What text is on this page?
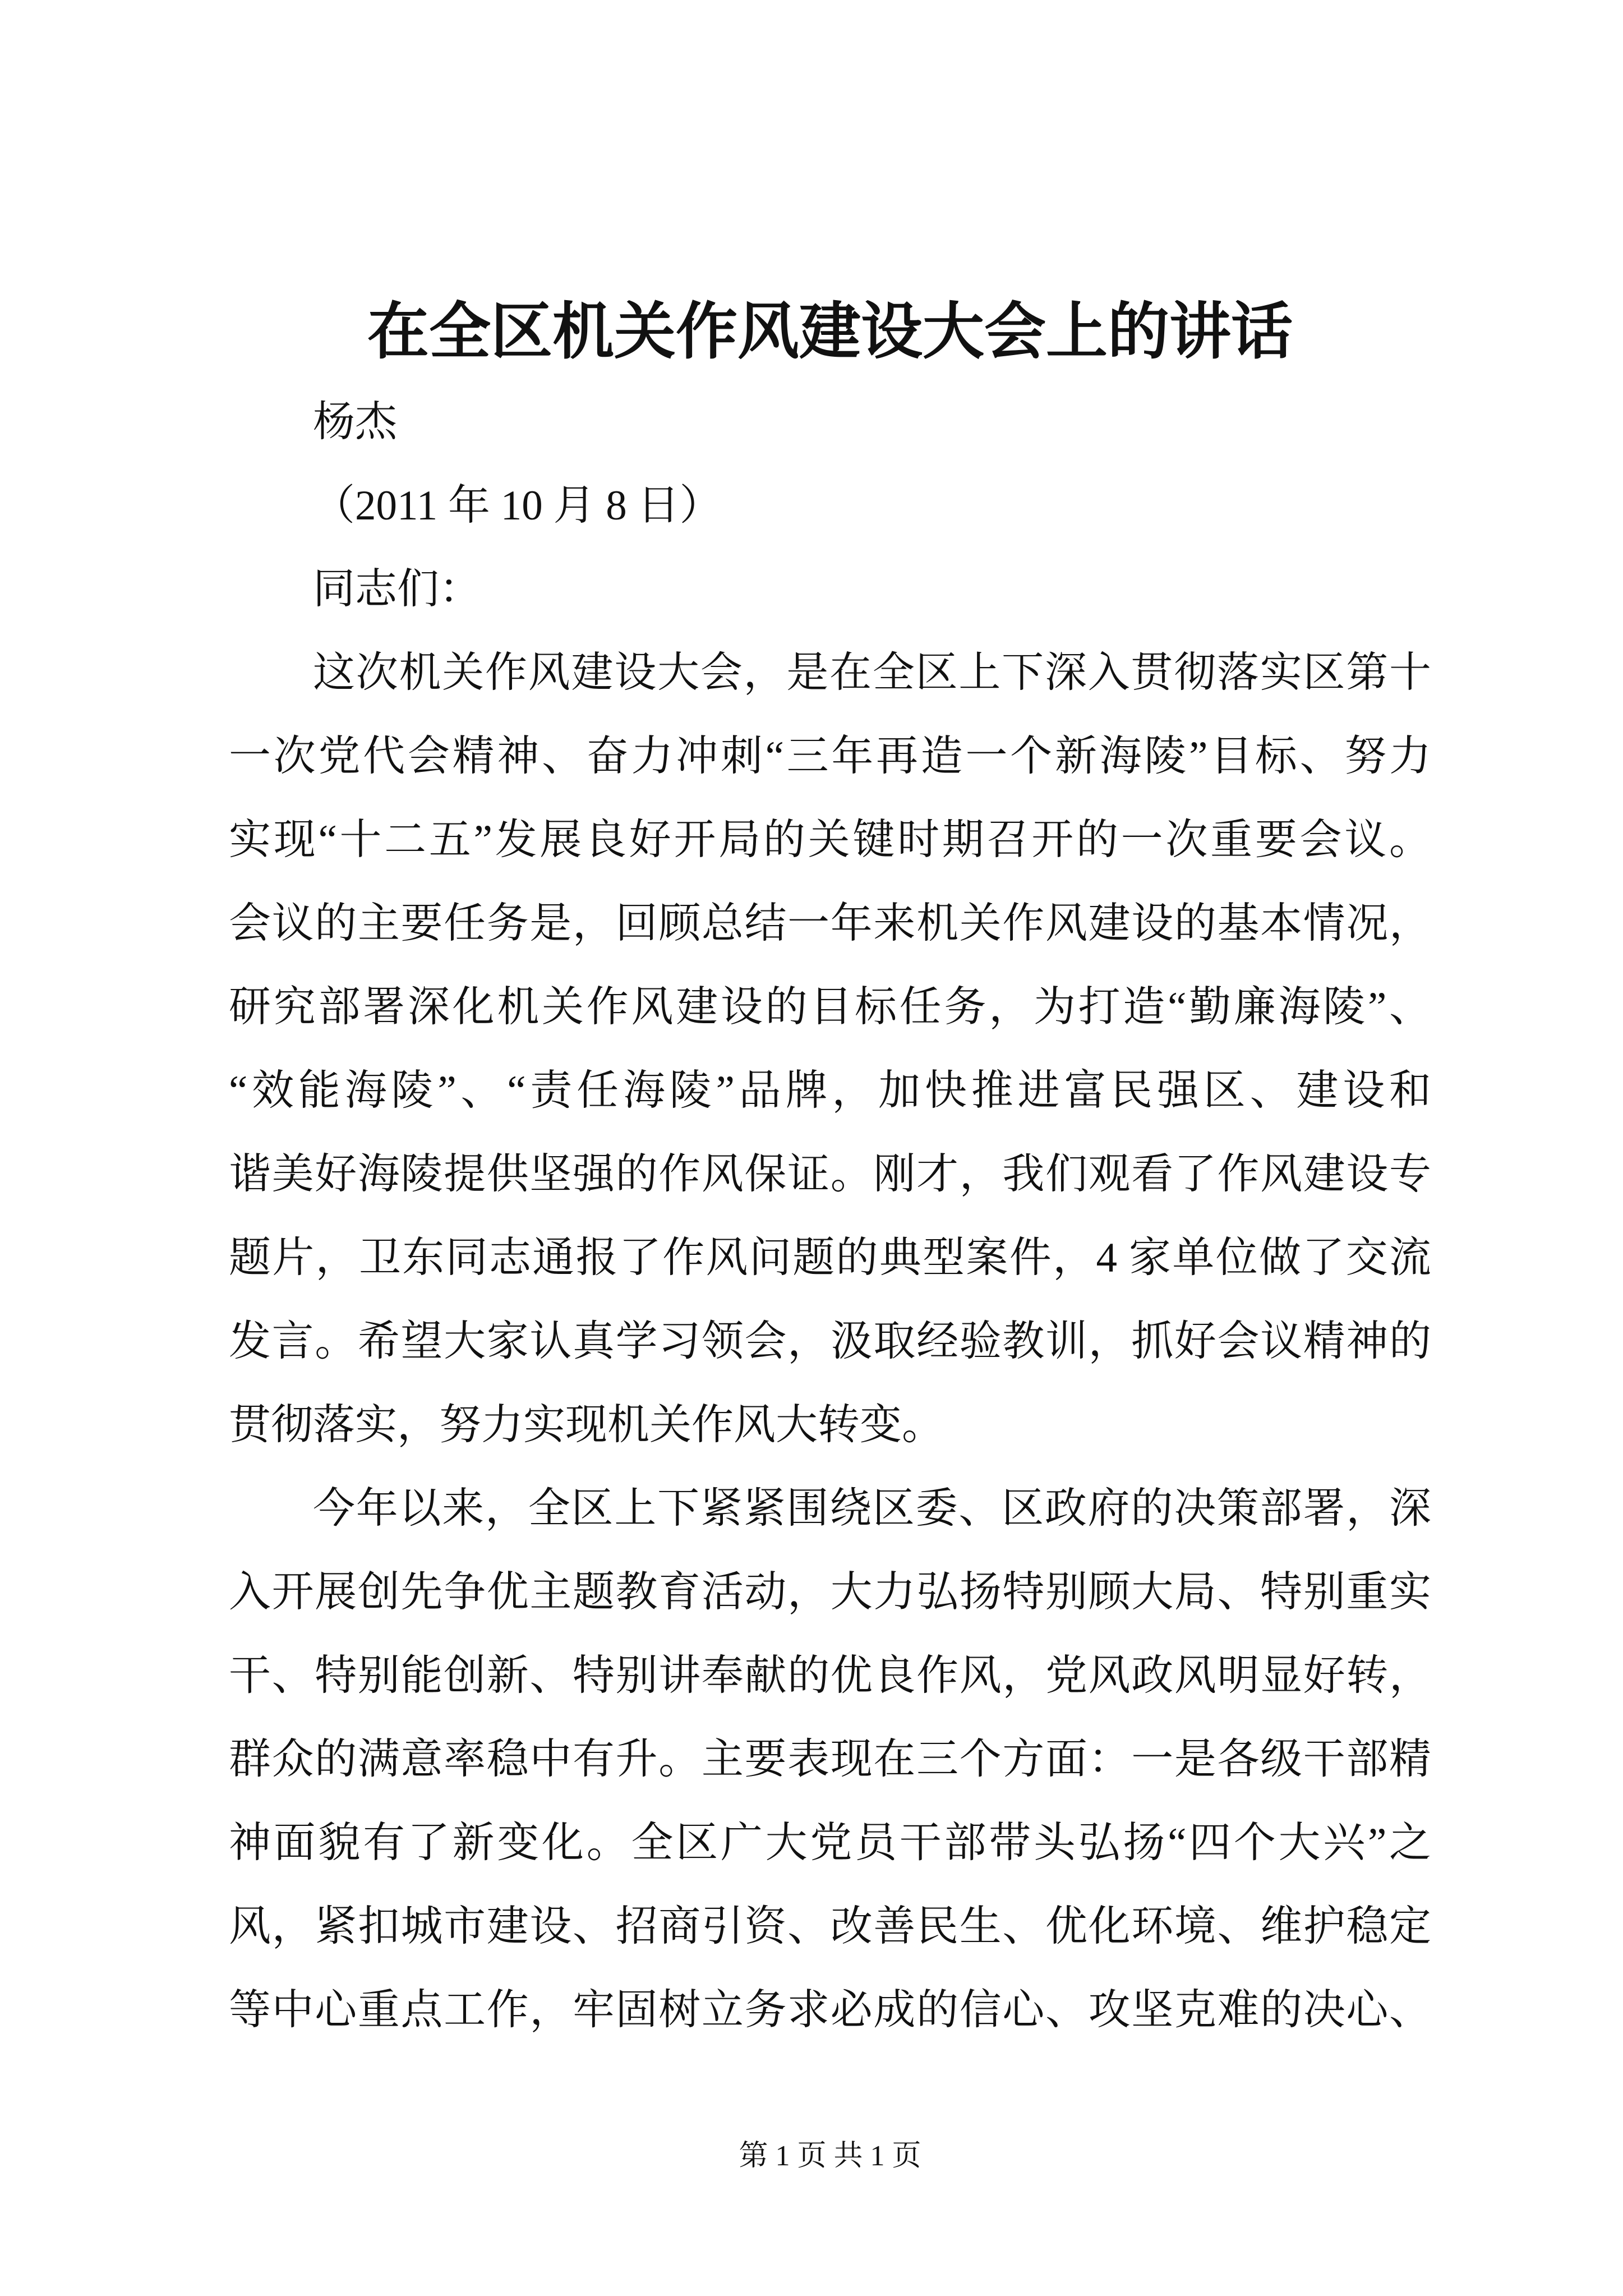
在全区机关作风建设大会上的讲话
杨杰
（2011 年 10 月 8 日）
同志们：
这次机关作风建设大会，是在全区上下深入贯彻落实区第十
一次党代会精神、奋力冲刺“三年再造一个新海陵”目标、努力
实现“十二五”发展良好开局的关键时期召开的一次重要会议。
会议的主要任务是，回顾总结一年来机关作风建设的基本情况，
研究部署深化机关作风建设的目标任务，为打造“勤廉海陵”、
“效能海陵”、“责任海陵”品牌，加快推进富民强区、建设和
谐美好海陵提供坚强的作风保证。刚才，我们观看了作风建设专
题片，卫东同志通报了作风问题的典型案件，4 家单位做了交流
发言。希望大家认真学习领会，汲取经验教训，抓好会议精神的
贯彻落实，努力实现机关作风大转变。
今年以来，全区上下紧紧围绕区委、区政府的决策部署，深
入开展创先争优主题教育活动，大力弘扬特别顾大局、特别重实
干、特别能创新、特别讲奉献的优良作风，党风政风明显好转，
群众的满意率稳中有升。主要表现在三个方面：一是各级干部精
神面貌有了新变化。全区广大党员干部带头弘扬“四个大兴”之
风，紧扣城市建设、招商引资、改善民生、优化环境、维护稳定
等中心重点工作，牢固树立务求必成的信心、攻坚克难的决心、
第 1 页 共 1 页
